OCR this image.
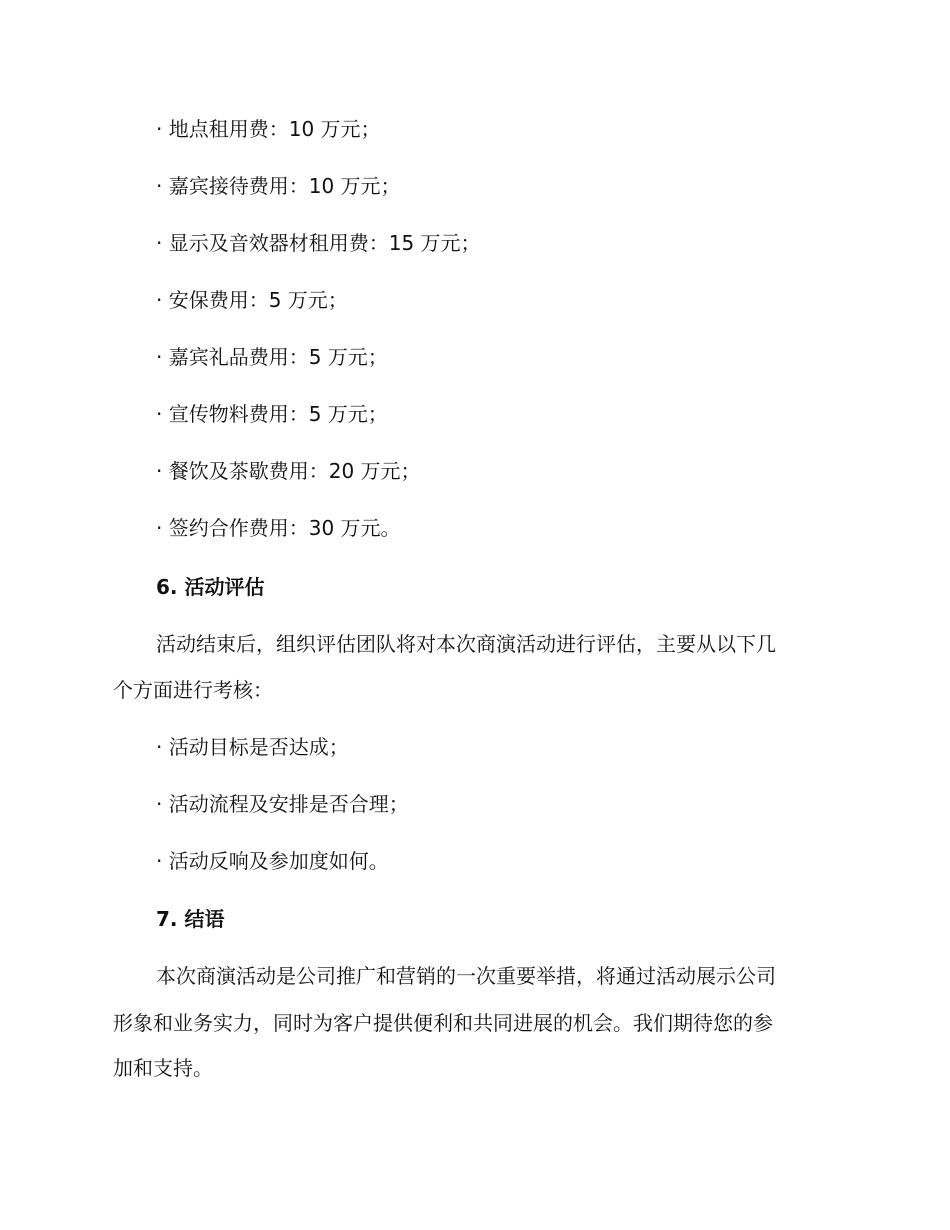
· 地点租用费：10 万元；
· 嘉宾接待费用：10 万元；
· 显示及音效器材租用费：15 万元；
· 安保费用：5 万元；
· 嘉宾礼品费用：5 万元；
· 宣传物料费用：5 万元；
· 餐饮及茶歇费用：20 万元；
· 签约合作费用：30 万元。
6. 活动评估
活动结束后，组织评估团队将对本次商演活动进行评估，主要从以下几
个方面进行考核：
· 活动目标是否达成；
· 活动流程及安排是否合理；
· 活动反响及参加度如何。
7. 结语
本次商演活动是公司推广和营销的一次重要举措，将通过活动展示公司
形象和业务实力，同时为客户提供便利和共同进展的机会。我们期待您的参
加和支持。
